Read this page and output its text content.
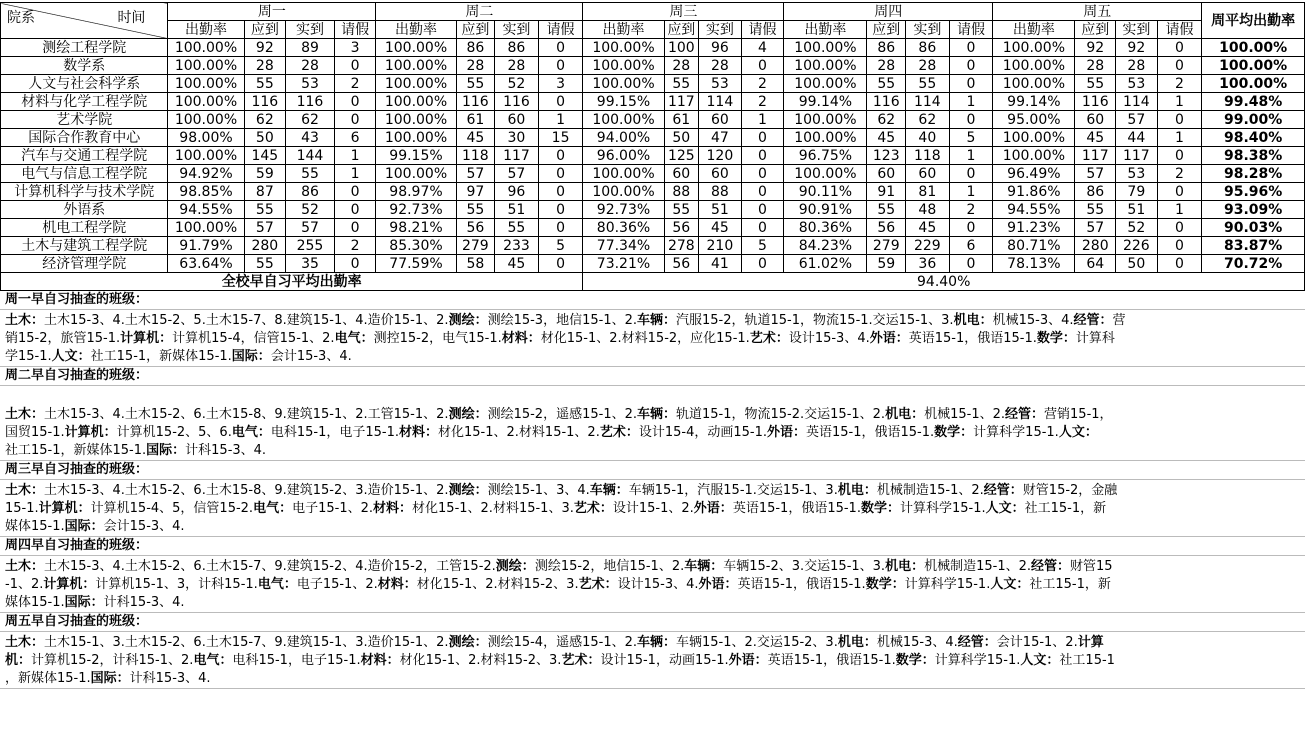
院系 时间	周一				周二				周三				周四				周五				周平均出勤率
	出勤率	应到	实到	请假	出勤率	应到	实到	请假	出勤率	应到	实到	请假	出勤率	应到	实到	请假	出勤率	应到	实到	请假	
测绘工程学院	100.00%	92	89	3	100.00%	86	86	0	100.00%	100	96	4	100.00%	86	86	0	100.00%	92	92	0	100.00%
数学系	100.00%	28	28	0	100.00%	28	28	0	100.00%	28	28	0	100.00%	28	28	0	100.00%	28	28	0	100.00%
人文与社会科学系	100.00%	55	53	2	100.00%	55	52	3	100.00%	55	53	2	100.00%	55	55	0	100.00%	55	53	2	100.00%
材料与化学工程学院	100.00%	116	116	0	100.00%	116	116	0	99.15%	117	114	2	99.14%	116	114	1	99.14%	116	114	1	99.48%
艺术学院	100.00%	62	62	0	100.00%	61	60	1	100.00%	61	60	1	100.00%	62	62	0	95.00%	60	57	0	99.00%
国际合作教育中心	98.00%	50	43	6	100.00%	45	30	15	94.00%	50	47	0	100.00%	45	40	5	100.00%	45	44	1	98.40%
汽车与交通工程学院	100.00%	145	144	1	99.15%	118	117	0	96.00%	125	120	0	96.75%	123	118	1	100.00%	117	117	0	98.38%
电气与信息工程学院	94.92%	59	55	1	100.00%	57	57	0	100.00%	60	60	0	100.00%	60	60	0	96.49%	57	53	2	98.28%
计算机科学与技术学院	98.85%	87	86	0	98.97%	97	96	0	100.00%	88	88	0	90.11%	91	81	1	91.86%	86	79	0	95.96%
外语系	94.55%	55	52	0	92.73%	55	51	0	92.73%	55	51	0	90.91%	55	48	2	94.55%	55	51	1	93.09%
机电工程学院	100.00%	57	57	0	98.21%	56	55	0	80.36%	56	45	0	80.36%	56	45	0	91.23%	57	52	0	90.03%
土木与建筑工程学院	91.79%	280	255	2	85.30%	279	233	5	77.34%	278	210	5	84.23%	279	229	6	80.71%	280	226	0	83.87%
经济管理学院	63.64%	55	35	0	77.59%	58	45	0	73.21%	56	41	0	61.02%	59	36	0	78.13%	64	50	0	70.72%
全校早自习平均出勤率									94.40%												
周一早自习抽查的班级：
土木：土木15-3、4.土木15-2、5.土木15-7、8.建筑15-1、4.造价15-1、2.测绘：测绘15-3，地信15-1、2.车辆：汽服15-2，轨道15-1，物流15-1.交运15-1、3.机电：机械15-3、4.经管：营
销15-2，旅管15-1.计算机：计算机15-4，信管15-1、2.电气：测控15-2，电气15-1.材料：材化15-1、2.材料15-2，应化15-1.艺术：设计15-3、4.外语：英语15-1，俄语15-1.数学：计算科
学15-1.人文：社工15-1，新媒体15-1.国际：会计15-3、4.
周二早自习抽查的班级：
土木：土木15-3、4.土木15-2、6.土木15-8、9.建筑15-1、2.工管15-1、2.测绘：测绘15-2，遥感15-1、2.车辆：轨道15-1，物流15-2.交运15-1、2.机电：机械15-1、2.经管：营销15-1，
国贸15-1.计算机：计算机15-2、5、6.电气：电科15-1，电子15-1.材料：材化15-1、2.材料15-1、2.艺术：设计15-4，动画15-1.外语：英语15-1，俄语15-1.数学：计算科学15-1.人文：
社工15-1，新媒体15-1.国际：计科15-3、4.
周三早自习抽查的班级：
土木：土木15-3、4.土木15-2、6.土木15-8、9.建筑15-2、3.造价15-1、2.测绘：测绘15-1、3、4.车辆：车辆15-1，汽服15-1.交运15-1、3.机电：机械制造15-1、2.经管：财管15-2，金融
15-1.计算机：计算机15-4、5，信管15-2.电气：电子15-1、2.材料：材化15-1、2.材料15-1、3.艺术：设计15-1、2.外语：英语15-1，俄语15-1.数学：计算科学15-1.人文：社工15-1，新
媒体15-1.国际：会计15-3、4.
周四早自习抽查的班级：
土木：土木15-3、4.土木15-2、6.土木15-7、9.建筑15-2、4.造价15-2，工管15-2.测绘：测绘15-2，地信15-1、2.车辆：车辆15-2、3.交运15-1、3.机电：机械制造15-1、2.经管：财管15
-1、2.计算机：计算机15-1、3，计科15-1.电气：电子15-1、2.材料：材化15-1、2.材料15-2、3.艺术：设计15-3、4.外语：英语15-1，俄语15-1.数学：计算科学15-1.人文：社工15-1，新
媒体15-1.国际：计科15-3、4.
周五早自习抽查的班级：
土木：土木15-1、3.土木15-2、6.土木15-7、9.建筑15-1、3.造价15-1、2.测绘：测绘15-4，遥感15-1、2.车辆：车辆15-1、2.交运15-2、3.机电：机械15-3、4.经管：会计15-1、2.计算
机：计算机15-2，计科15-1、2.电气：电科15-1，电子15-1.材料：材化15-1、2.材料15-2、3.艺术：设计15-1，动画15-1.外语：英语15-1，俄语15-1.数学：计算科学15-1.人文：社工15-1
，新媒体15-1.国际：计科15-3、4.
